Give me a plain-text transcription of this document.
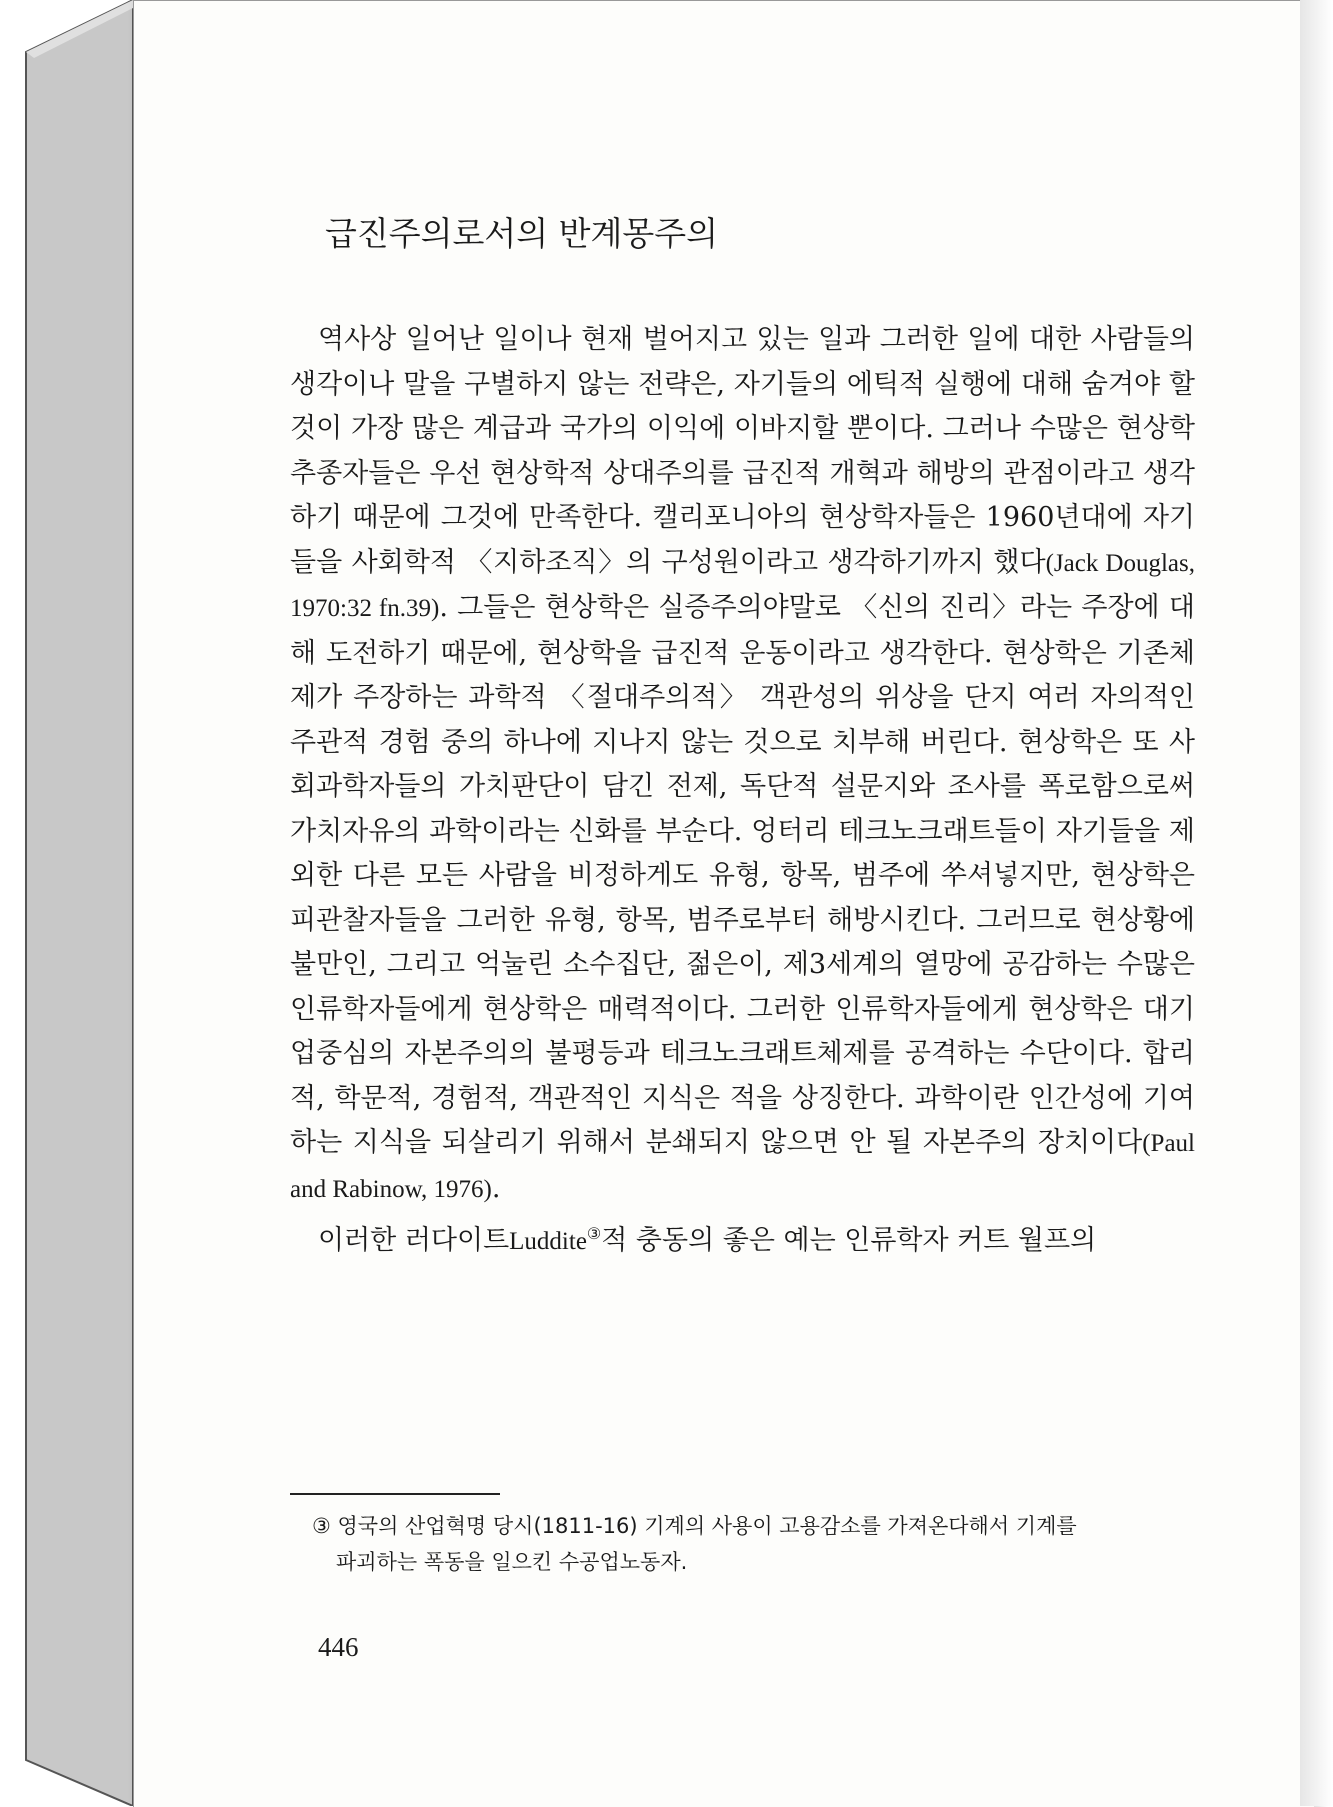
급진주의로서의 반계몽주의

역사상 일어난 일이나 현재 벌어지고 있는 일과 그러한 일에 대한 사람들의 생각이나 말을 구별하지 않는 전략은, 자기들의 에틱적 실행에 대해 숨겨야 할 것이 가장 많은 계급과 국가의 이익에 이바지할 뿐이다. 그러나 수많은 현상학 추종자들은 우선 현상학적 상대주의를 급진적 개혁과 해방의 관점이라고 생각하기 때문에 그것에 만족한다. 캘리포니아의 현상학자들은 1960년대에 자기들을 사회학적 〈지하조직〉의 구성원이라고 생각하기까지 했다(Jack Douglas, 1970:32 fn.39). 그들은 현상학은 실증주의야말로 〈신의 진리〉라는 주장에 대해 도전하기 때문에, 현상학을 급진적 운동이라고 생각한다. 현상학은 기존체제가 주장하는 과학적 〈절대주의적〉 객관성의 위상을 단지 여러 자의적인 주관적 경험 중의 하나에 지나지 않는 것으로 치부해 버린다. 현상학은 또 사회과학자들의 가치판단이 담긴 전제, 독단적 설문지와 조사를 폭로함으로써 가치자유의 과학이라는 신화를 부순다. 엉터리 테크노크래트들이 자기들을 제외한 다른 모든 사람을 비정하게도 유형, 항목, 범주에 쑤셔넣지만, 현상학은 피관찰자들을 그러한 유형, 항목, 범주로부터 해방시킨다. 그러므로 현상황에 불만인, 그리고 억눌린 소수집단, 젊은이, 제3세계의 열망에 공감하는 수많은 인류학자들에게 현상학은 매력적이다. 그러한 인류학자들에게 현상학은 대기업중심의 자본주의의 불평등과 테크노크래트체제를 공격하는 수단이다. 합리적, 학문적, 경험적, 객관적인 지식은 적을 상징한다. 과학이란 인간성에 기여하는 지식을 되살리기 위해서 분쇄되지 않으면 안 될 자본주의 장치이다(Paul and Rabinow, 1976).

이러한 러다이트Luddite③적 충동의 좋은 예는 인류학자 커트 월프의

③ 영국의 산업혁명 당시(1811-16) 기계의 사용이 고용감소를 가져온다해서 기계를
파괴하는 폭동을 일으킨 수공업노동자.
446
